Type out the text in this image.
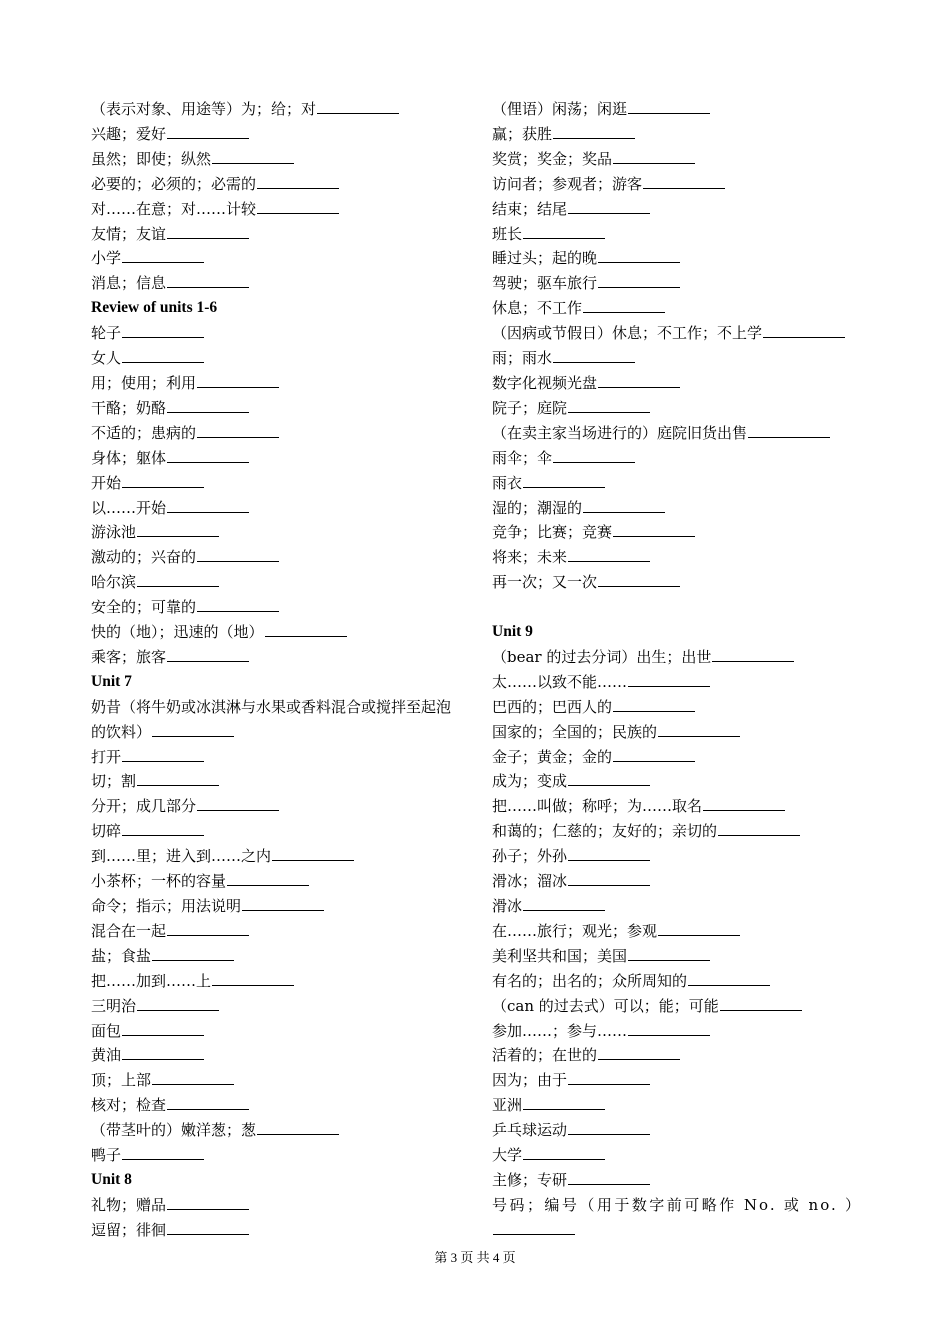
（表示对象、用途等）为；给；对
兴趣；爱好
虽然；即使；纵然
必要的；必须的；必需的
对……在意；对……计较
友情；友谊
小学
消息；信息
Review of units 1-6
轮子
女人
用；使用；利用
干酪；奶酪
不适的；患病的
身体；躯体
开始
以……开始
游泳池
激动的；兴奋的
哈尔滨
安全的；可靠的
快的（地）；迅速的（地）
乘客；旅客
Unit 7
奶昔（将牛奶或冰淇淋与水果或香料混合或搅拌至起泡的饮料）
打开
切；割
分开；成几部分
切碎
到……里；进入到……之内
小茶杯；一杯的容量
命令；指示；用法说明
混合在一起
盐；食盐
把……加到……上
三明治
面包
黄油
顶；上部
核对；检查
（带茎叶的）嫩洋葱；葱
鸭子
Unit 8
礼物；赠品
逗留；徘徊
（俚语）闲荡；闲逛
赢；获胜
奖赏；奖金；奖品
访问者；参观者；游客
结束；结尾
班长
睡过头；起的晚
驾驶；驱车旅行
休息；不工作
（因病或节假日）休息；不工作；不上学
雨；雨水
数字化视频光盘
院子；庭院
（在卖主家当场进行的）庭院旧货出售
雨伞；伞
雨衣
湿的；潮湿的
竞争；比赛；竞赛
将来；未来
再一次；又一次
Unit 9
（bear 的过去分词）出生；出世
太……以致不能……
巴西的；巴西人的
国家的；全国的；民族的
金子；黄金；金的
成为；变成
把……叫做；称呼；为……取名
和蔼的；仁慈的；友好的；亲切的
孙子；外孙
滑冰；溜冰
滑冰
在……旅行；观光；参观
美利坚共和国；美国
有名的；出名的；众所周知的
（can 的过去式）可以；能；可能
参加……；参与……
活着的；在世的
因为；由于
亚洲
乒乓球运动
大学
主修；专研
号码；编号（用于数字前可略作 No. 或 no. ）
第 3 页 共 4 页
